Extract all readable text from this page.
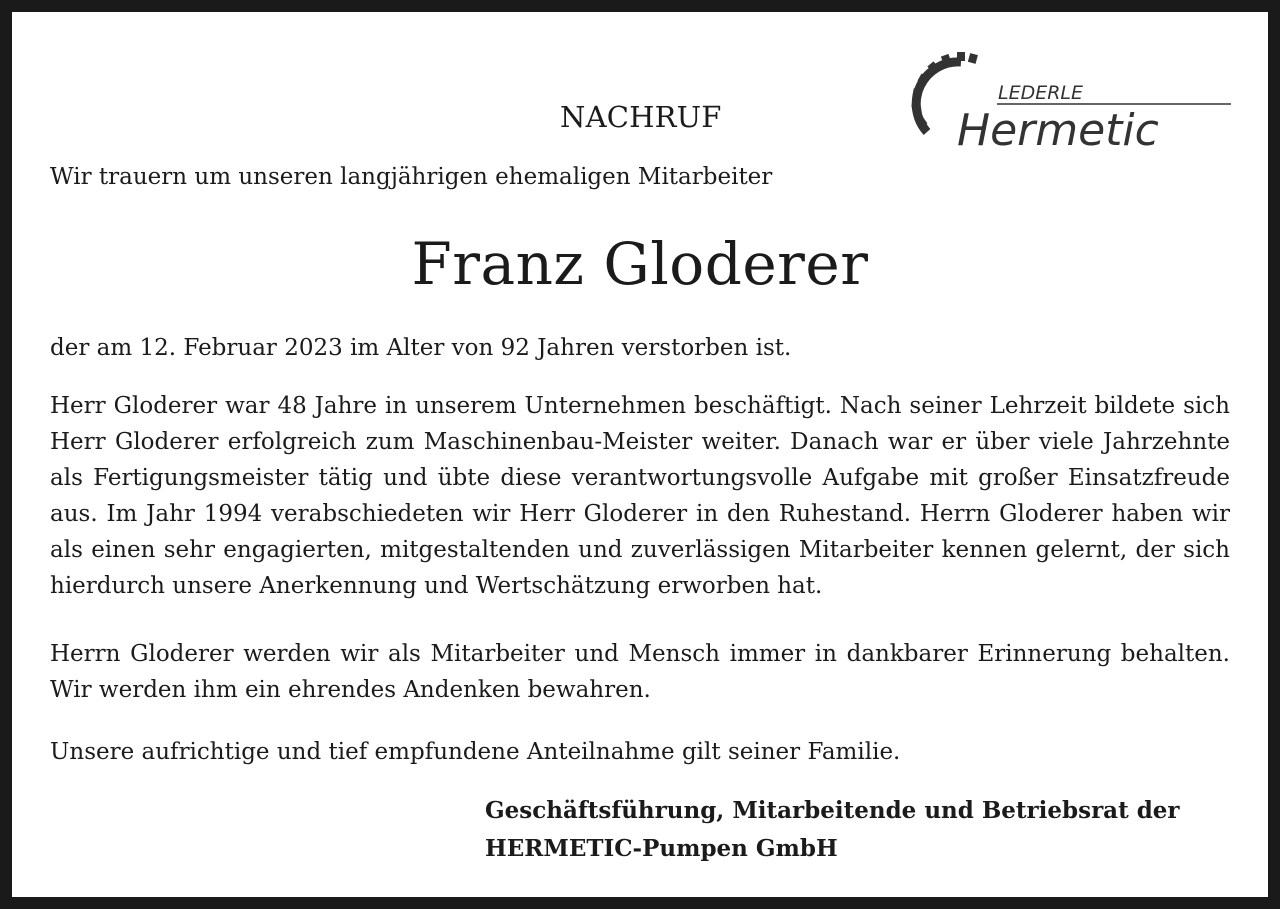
NACHRUF
LEDERLE
Hermetic

Wir trauern um unseren langjährigen ehemaligen Mitarbeiter

Franz Gloderer

der am 12. Februar 2023 im Alter von 92 Jahren verstorben ist.

Herr Gloderer war 48 Jahre in unserem Unternehmen beschäftigt. Nach seiner Lehrzeit bildete sich Herr Gloderer erfolgreich zum Maschinenbau-Meister weiter. Danach war er über viele Jahrzehnte als Fertigungsmeister tätig und übte diese verantwortungsvolle Aufgabe mit großer Einsatzfreude aus. Im Jahr 1994 verabschiedeten wir Herr Gloderer in den Ruhestand. Herrn Gloderer haben wir als einen sehr engagierten, mitgestaltenden und zuverlässigen Mitarbeiter kennen gelernt, der sich hierdurch unsere Anerkennung und Wertschätzung erworben hat.

Herrn Gloderer werden wir als Mitarbeiter und Mensch immer in dankbarer Erinnerung behalten. Wir werden ihm ein ehrendes Andenken bewahren.

Unsere aufrichtige und tief empfundene Anteilnahme gilt seiner Familie.

Geschäftsführung, Mitarbeitende und Betriebsrat der
HERMETIC-Pumpen GmbH
